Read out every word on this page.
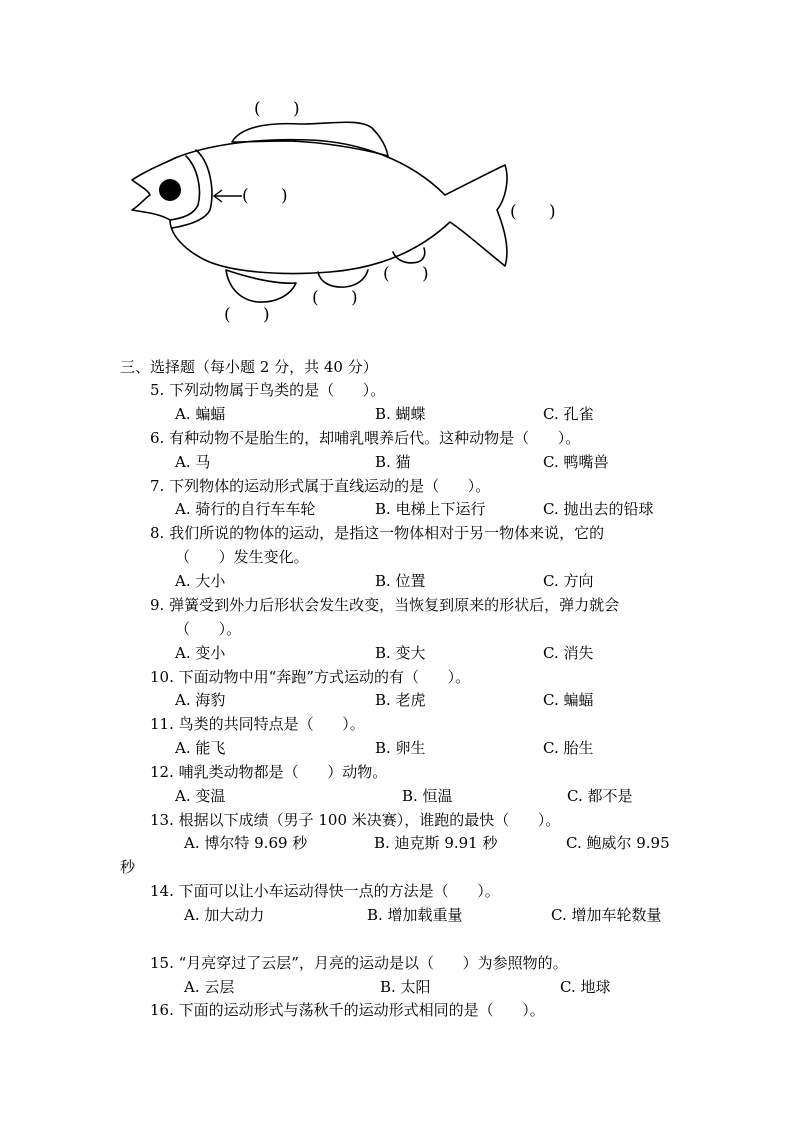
(      )
(      )
(      )
(      )
(      )
(      )
三、选择题（每小题 2 分，共 40 分）
5. 下列动物属于鸟类的是（      ）。
A. 蝙蝠	B. 蝴蝶	C. 孔雀
6. 有种动物不是胎生的，却哺乳喂养后代。这种动物是（      ）。
A. 马	B. 猫	C. 鸭嘴兽
7. 下列物体的运动形式属于直线运动的是（      ）。
A. 骑行的自行车车轮	B. 电梯上下运行	C. 抛出去的铅球
8. 我们所说的物体的运动，是指这一物体相对于另一物体来说，它的
（      ）发生变化。
A. 大小	B. 位置	C. 方向
9. 弹簧受到外力后形状会发生改变，当恢复到原来的形状后，弹力就会
（      ）。
A. 变小	B. 变大	C. 消失
10. 下面动物中用“奔跑”方式运动的有（      ）。
A. 海豹	B. 老虎	C. 蝙蝠
11. 鸟类的共同特点是（      ）。
A. 能飞	B. 卵生	C. 胎生
12. 哺乳类动物都是（      ）动物。
A. 变温	B. 恒温	C. 都不是
13. 根据以下成绩（男子 100 米决赛），谁跑的最快（      ）。
A. 博尔特 9.69 秒	B. 迪克斯 9.91 秒	C. 鲍威尔 9.95
秒
14. 下面可以让小车运动得快一点的方法是（      ）。
A. 加大动力	B. 增加载重量	C. 增加车轮数量
15. “月亮穿过了云层”，月亮的运动是以（      ）为参照物的。
A. 云层	B. 太阳	C. 地球
16. 下面的运动形式与荡秋千的运动形式相同的是（      ）。
